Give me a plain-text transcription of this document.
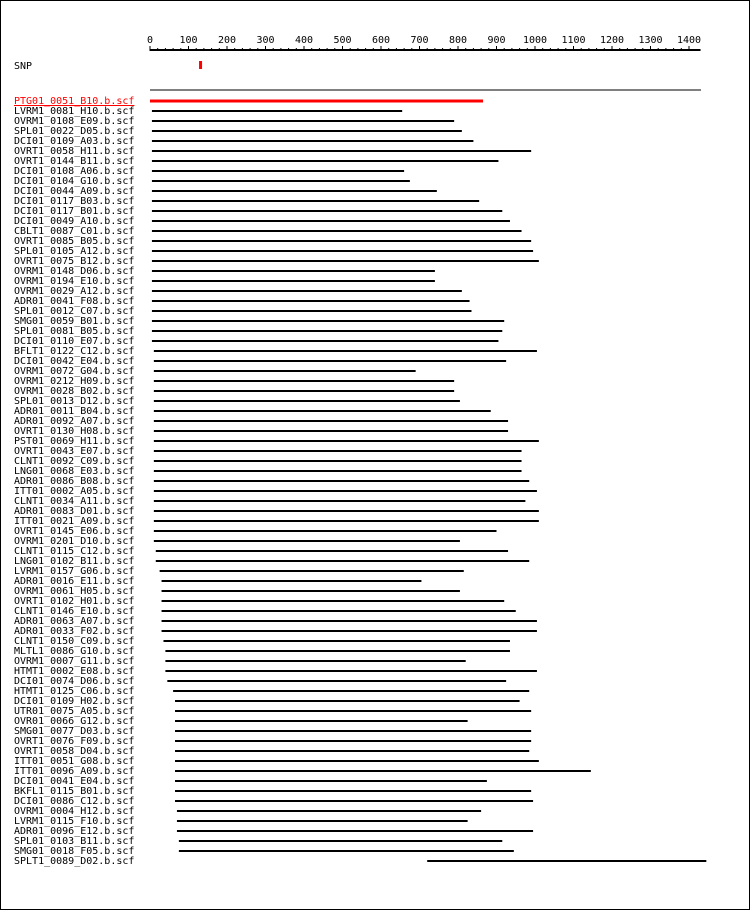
0	100 200 300 400 500 600 700 800 900 1000 1100 1200 1300 1400
SNP
PTG01_0051_B10.b.scf
LVRM1_0081_H10.b.scf
OVRM1_0108_E09.b.scf
SPL01_0022_D05.b.scf
DCI01_0109_A03.b.scf
OVRT1_0058_H11.b.scf
OVRT1_0144_B11.b.scf
DCI01_0108_A06.b.scf
DCI01_0104_G10.b.scf
DCI01_0044_A09.b.scf
DCI01_0117_B03.b.scf
DCI01_0117_B01.b.scf
DCI01_0049_A10.b.scf
CBLT1_0087_C01.b.scf
OVRT1_0085_B05.b.scf
SPL01_0105_A12.b.scf
OVRT1_0075_B12.b.scf
OVRM1_0148_D06.b.scf
OVRM1_0194_E10.b.scf
OVRM1_0029_A12.b.scf
ADR01_0041_F08.b.scf
SPL01_0012_C07.b.scf
SMG01_0059_B01.b.scf
SPL01_0081_B05.b.scf
DCI01_0110_E07.b.scf
BFLT1_0122_C12.b.scf
DCI01_0042_E04.b.scf
OVRM1_0072_G04.b.scf
OVRM1_0212_H09.b.scf
OVRM1_0028_B02.b.scf
SPL01_0013_D12.b.scf
ADR01_0011_B04.b.scf
ADR01_0092_A07.b.scf
OVRT1_0130_H08.b.scf
PST01_0069_H11.b.scf
OVRT1_0043_E07.b.scf
CLNT1_0092_C09.b.scf
LNG01_0068_E03.b.scf
ADR01_0086_B08.b.scf
ITT01_0002_A05.b.scf
CLNT1_0034_A11.b.scf
ADR01_0083_D01.b.scf
ITT01_0021_A09.b.scf
OVRT1_0145_E06.b.scf
OVRM1_0201_D10.b.scf
CLNT1_0115_C12.b.scf
LNG01_0102_B11.b.scf
LVRM1_0157_G06.b.scf
ADR01_0016_E11.b.scf
OVRM1_0061_H05.b.scf
OVRT1_0102_H01.b.scf
CLNT1_0146_E10.b.scf
ADR01_0063_A07.b.scf
ADR01_0033_F02.b.scf
CLNT1_0150_C09.b.scf
MLTL1_0086_G10.b.scf
OVRM1_0007_G11.b.scf
HTMT1_0002_E08.b.scf
DCI01_0074_D06.b.scf
HTMT1_0125_C06.b.scf
DCI01_0109_H02.b.scf
UTR01_0075_A05.b.scf
OVR01_0066_G12.b.scf
SMG01_0077_D03.b.scf
OVRT1_0076_F09.b.scf
OVRT1_0058_D04.b.scf
ITT01_0051_G08.b.scf
ITT01_0096_A09.b.scf
DCI01_0041_E04.b.scf
BKFL1_0115_B01.b.scf
DCI01_0086_C12.b.scf
OVRM1_0004_H12.b.scf
LVRM1_0115_F10.b.scf
ADR01_0096_E12.b.scf
SPL01_0103_B11.b.scf
SMG01_0018_F05.b.scf
SPLT1_0089_D02.b.scf
